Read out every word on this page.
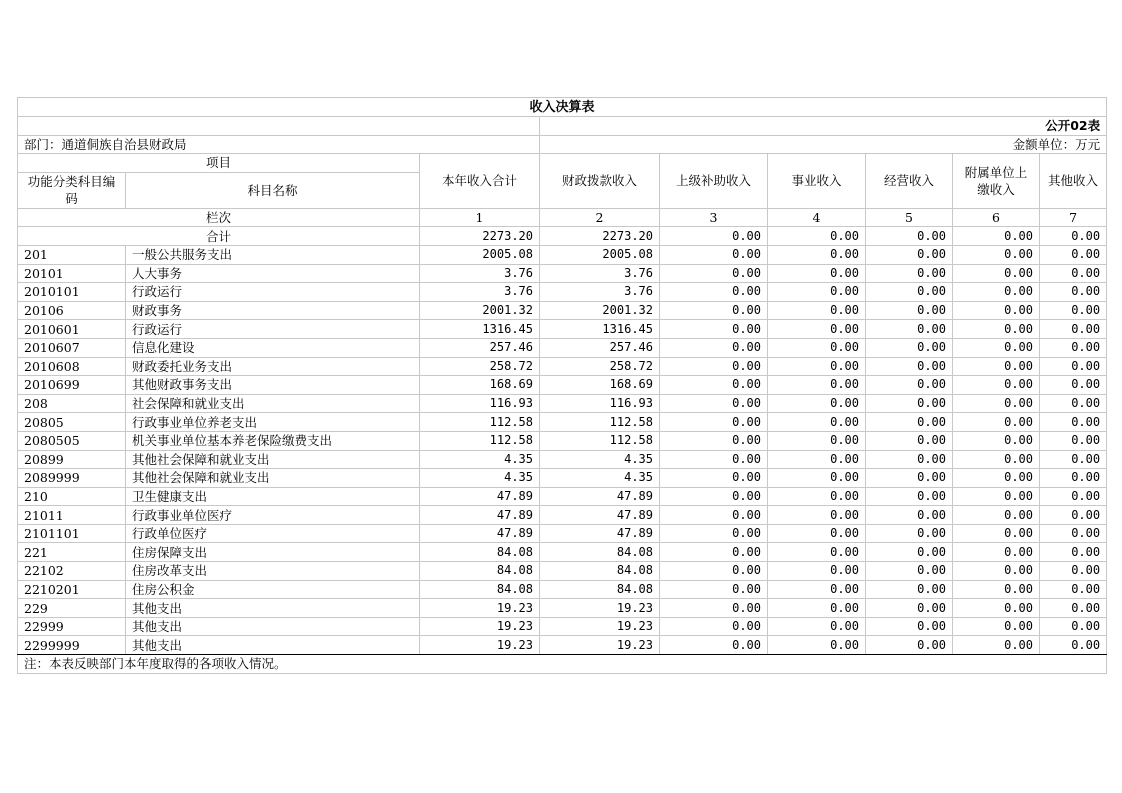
收入决算表								
			公开02表					
部门：通道侗族自治县财政局			金额单位：万元					
项目		本年收入合计	财政拨款收入	上级补助收入	事业收入	经营收入	附属单位上缴收入	其他收入
功能分类科目编码	科目名称							
栏次		1	2	3	4	5	6	7
合计		2273.20	2273.20	0.00	0.00	0.00	0.00	0.00
201	一般公共服务支出	2005.08	2005.08	0.00	0.00	0.00	0.00	0.00
20101	人大事务	3.76	3.76	0.00	0.00	0.00	0.00	0.00
2010101	行政运行	3.76	3.76	0.00	0.00	0.00	0.00	0.00
20106	财政事务	2001.32	2001.32	0.00	0.00	0.00	0.00	0.00
2010601	行政运行	1316.45	1316.45	0.00	0.00	0.00	0.00	0.00
2010607	信息化建设	257.46	257.46	0.00	0.00	0.00	0.00	0.00
2010608	财政委托业务支出	258.72	258.72	0.00	0.00	0.00	0.00	0.00
2010699	其他财政事务支出	168.69	168.69	0.00	0.00	0.00	0.00	0.00
208	社会保障和就业支出	116.93	116.93	0.00	0.00	0.00	0.00	0.00
20805	行政事业单位养老支出	112.58	112.58	0.00	0.00	0.00	0.00	0.00
2080505	机关事业单位基本养老保险缴费支出	112.58	112.58	0.00	0.00	0.00	0.00	0.00
20899	其他社会保障和就业支出	4.35	4.35	0.00	0.00	0.00	0.00	0.00
2089999	其他社会保障和就业支出	4.35	4.35	0.00	0.00	0.00	0.00	0.00
210	卫生健康支出	47.89	47.89	0.00	0.00	0.00	0.00	0.00
21011	行政事业单位医疗	47.89	47.89	0.00	0.00	0.00	0.00	0.00
2101101	行政单位医疗	47.89	47.89	0.00	0.00	0.00	0.00	0.00
221	住房保障支出	84.08	84.08	0.00	0.00	0.00	0.00	0.00
22102	住房改革支出	84.08	84.08	0.00	0.00	0.00	0.00	0.00
2210201	住房公积金	84.08	84.08	0.00	0.00	0.00	0.00	0.00
229	其他支出	19.23	19.23	0.00	0.00	0.00	0.00	0.00
22999	其他支出	19.23	19.23	0.00	0.00	0.00	0.00	0.00
2299999	其他支出	19.23	19.23	0.00	0.00	0.00	0.00	0.00
注：本表反映部门本年度取得的各项收入情况。								
